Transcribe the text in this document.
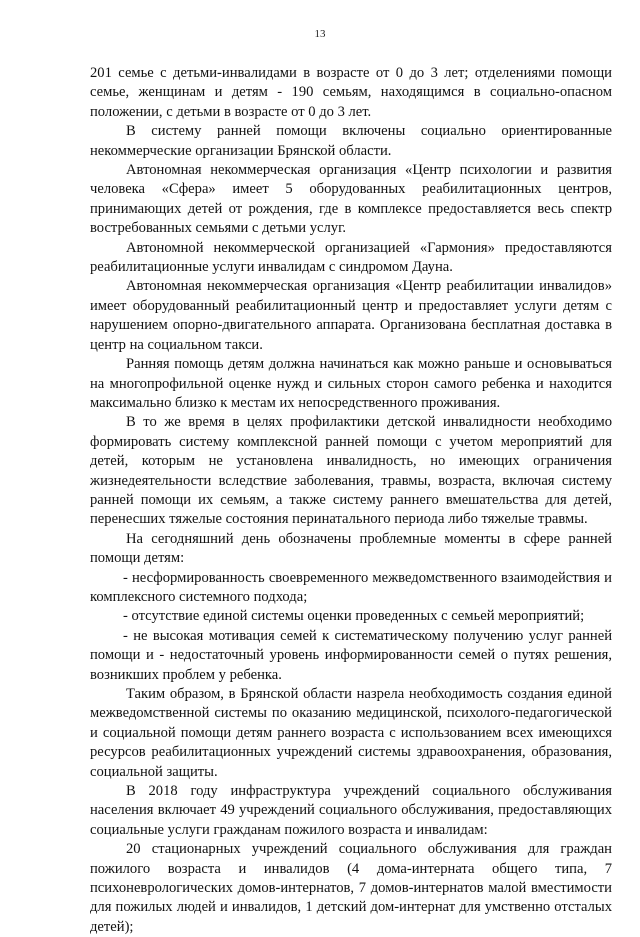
13

201 семье с детьми-инвалидами в возрасте от 0 до 3 лет; отделениями помощи семье, женщинам и детям - 190 семьям, находящимся в социально-опасном положении, с детьми в возрасте от 0 до 3 лет.

В систему ранней помощи включены социально ориентированные некоммерческие организации Брянской области.

Автономная некоммерческая организация «Центр психологии и развития человека «Сфера» имеет 5 оборудованных реабилитационных центров, принимающих детей от рождения, где в комплексе предоставляется весь спектр востребованных семьями с детьми услуг.

Автономной некоммерческой организацией «Гармония» предоставляются реабилитационные услуги инвалидам с синдромом Дауна.

Автономная некоммерческая организация «Центр реабилитации инвалидов» имеет оборудованный реабилитационный центр и предоставляет услуги детям с нарушением опорно-двигательного аппарата. Организована бесплатная доставка в центр на социальном такси.

Ранняя помощь детям должна начинаться как можно раньше и основываться на многопрофильной оценке нужд и сильных сторон самого ребенка и находится максимально близко к местам их непосредственного проживания.

В то же время в целях профилактики детской инвалидности необходимо формировать систему комплексной ранней помощи с учетом мероприятий для детей, которым не установлена инвалидность, но имеющих ограничения жизнедеятельности вследствие заболевания, травмы, возраста, включая систему ранней помощи их семьям, а также систему раннего вмешательства для детей, перенесших тяжелые состояния перинатального периода либо тяжелые травмы.

На сегодняшний день обозначены проблемные моменты в сфере ранней помощи детям:

- несформированность своевременного межведомственного взаимодействия и комплексного системного подхода;

- отсутствие единой системы оценки проведенных с семьей мероприятий;

- не высокая мотивация семей к систематическому получению услуг ранней помощи и - недостаточный уровень информированности семей о путях решения, возникших проблем у ребенка.

Таким образом, в Брянской области назрела необходимость создания единой межведомственной системы по оказанию медицинской, психолого-педагогической и социальной помощи детям раннего возраста с использованием всех имеющихся ресурсов реабилитационных учреждений системы здравоохранения, образования, социальной защиты.

В 2018 году инфраструктура учреждений социального обслуживания населения включает 49 учреждений социального обслуживания, предоставляющих социальные услуги гражданам пожилого возраста и инвалидам:

20 стационарных учреждений социального обслуживания для граждан пожилого возраста и инвалидов (4 дома-интерната общего типа, 7 психоневрологических домов-интернатов, 7 домов-интернатов малой вместимости для пожилых людей и инвалидов, 1 детский дом-интернат для умственно отсталых детей);
